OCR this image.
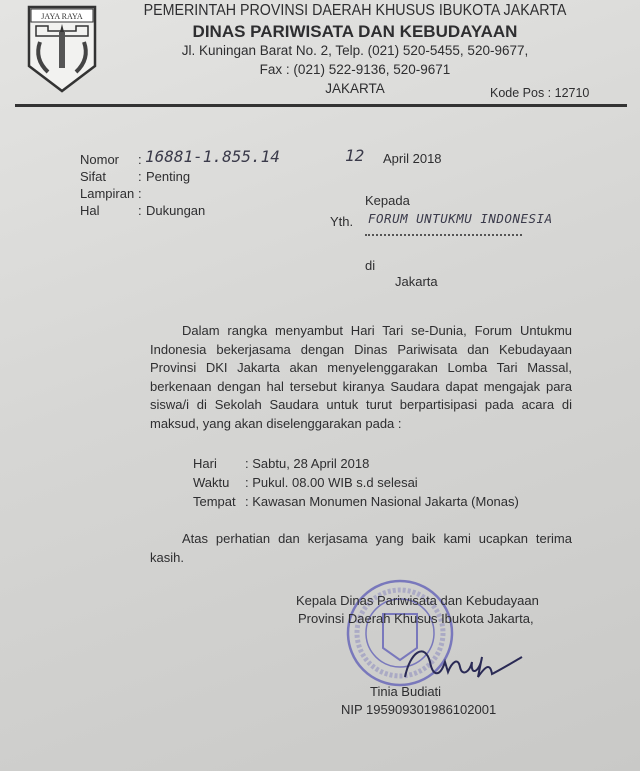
JAYA RAYA	PEMERINTAH PROVINSI DAERAH KHUSUS IBUKOTA JAKARTA
DINAS PARIWISATA DAN KEBUDAYAAN
Jl. Kuningan Barat No. 2, Telp. (021) 520-5455, 520-9677,
Fax : (021) 522-9136, 520-9671
JAKARTA	Kode Pos : 12710
Nomor
Sifat
Lampiran
Hal
:
:
:
:
16881-1.855.14
Penting
Dukungan
12 April 2018
Kepada
Yth. FORUM UNTUKMU INDONESIA
di
Jakarta
Dalam rangka menyambut Hari Tari se-Dunia, Forum Untukmu Indonesia bekerjasama dengan Dinas Pariwisata dan Kebudayaan Provinsi DKI Jakarta akan menyelenggarakan Lomba Tari Massal, berkenaan dengan hal tersebut kiranya Saudara dapat mengajak para siswa/i di Sekolah Saudara untuk turut berpartisipasi pada acara di maksud, yang akan diselenggarakan pada :
Hari : Sabtu, 28 April 2018
Waktu : Pukul. 08.00 WIB s.d selesai
Tempat : Kawasan Monumen Nasional Jakarta (Monas)
Atas perhatian dan kerjasama yang baik kami ucapkan terima kasih.
Kepala Dinas Pariwisata dan Kebudayaan
Provinsi Daerah Khusus Ibukota Jakarta,
Tinia Budiati
NIP 195909301986102001
